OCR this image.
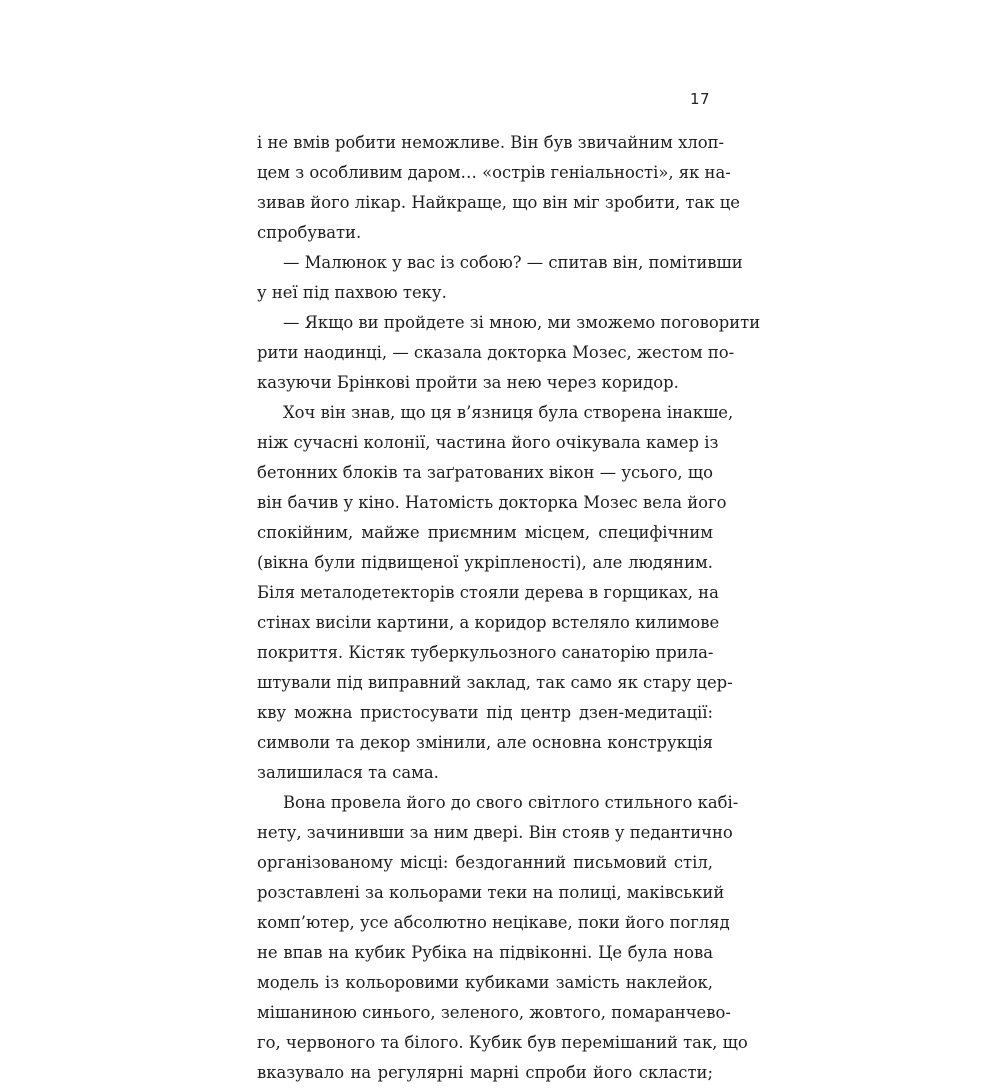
17
і не вмів робити неможливе. Він був звичайним хлоп-
цем з особливим даром… «острів геніальності», як на-
зивав його лікар. Найкраще, що він міг зробити, так це
спробувати.
— Малюнок у вас із собою? — спитав він, помітивши
у неї під пахвою теку.
— Якщо ви пройдете зі мною, ми зможемо поговорити
рити наодинці, — сказала докторка Мозес, жестом по-
казуючи Брінкові пройти за нею через коридор.
Хоч він знав, що ця в’язниця була створена інакше,
ніж сучасні колонії, частина його очікувала камер із
бетонних блоків та заґратованих вікон — усього, що
він бачив у кіно. Натомість докторка Мозес вела його
спокійним, майже приємним місцем, специфічним
(вікна були підвищеної укріпленості), але людяним.
Біля металодетекторів стояли дерева в горщиках, на
стінах висіли картини, а коридор встеляло килимове
покриття. Кістяк туберкульозного санаторію прила-
штували під виправний заклад, так само як стару цер-
кву можна пристосувати під центр дзен-медитації:
символи та декор змінили, але основна конструкція
залишилася та сама.
Вона провела його до свого світлого стильного кабі-
нету, зачинивши за ним двері. Він стояв у педантично
організованому місці: бездоганний письмовий стіл,
розставлені за кольорами теки на полиці, маківський
комп’ютер, усе абсолютно нецікаве, поки його погляд
не впав на кубик Рубіка на підвіконні. Це була нова
модель із кольоровими кубиками замість наклейок,
мішаниною синього, зеленого, жовтого, помаранчево-
го, червоного та білого. Кубик був перемішаний так, що
вказувало на регулярні марні спроби його скласти;
